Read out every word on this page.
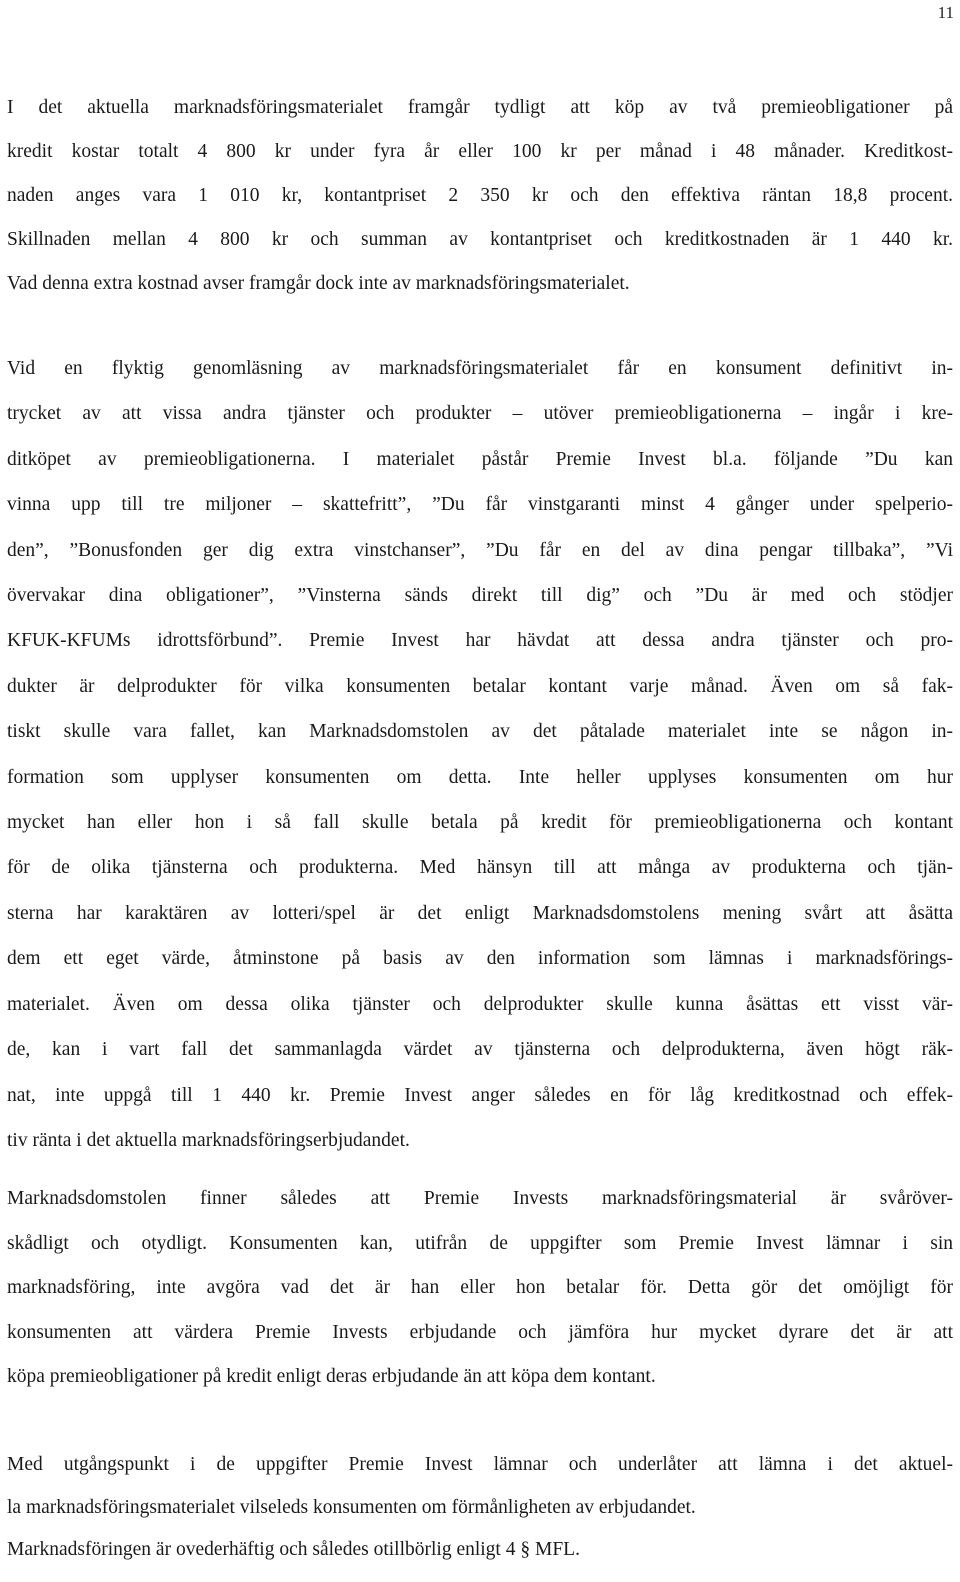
11
I det aktuella marknadsföringsmaterialet framgår tydligt att köp av två premieobligationer på
kredit kostar totalt 4 800 kr under fyra år eller 100 kr per månad i 48 månader. Kreditkost-
naden anges vara 1 010 kr, kontantpriset 2 350 kr och den effektiva räntan 18,8 procent.
Skillnaden mellan 4 800 kr och summan av kontantpriset och kreditkostnaden är 1 440 kr.
Vad denna extra kostnad avser framgår dock inte av marknadsföringsmaterialet.
Vid en flyktig genomläsning av marknadsföringsmaterialet får en konsument definitivt in-
trycket av att vissa andra tjänster och produkter – utöver premieobligationerna – ingår i kre-
ditköpet av premieobligationerna. I materialet påstår Premie Invest bl.a. följande ”Du kan
vinna upp till tre miljoner – skattefritt”, ”Du får vinstgaranti minst 4 gånger under spelperio-
den”, ”Bonusfonden ger dig extra vinstchanser”, ”Du får en del av dina pengar tillbaka”, ”Vi
övervakar dina obligationer”, ”Vinsterna sänds direkt till dig” och ”Du är med och stödjer
KFUK-KFUMs idrottsförbund”. Premie Invest har hävdat att dessa andra tjänster och pro-
dukter är delprodukter för vilka konsumenten betalar kontant varje månad. Även om så fak-
tiskt skulle vara fallet, kan Marknadsdomstolen av det påtalade materialet inte se någon in-
formation som upplyser konsumenten om detta. Inte heller upplyses konsumenten om hur
mycket han eller hon i så fall skulle betala på kredit för premieobligationerna och kontant
för de olika tjänsterna och produkterna. Med hänsyn till att många av produkterna och tjän-
sterna har karaktären av lotteri/spel är det enligt Marknadsdomstolens mening svårt att åsätta
dem ett eget värde, åtminstone på basis av den information som lämnas i marknadsförings-
materialet. Även om dessa olika tjänster och delprodukter skulle kunna åsättas ett visst vär-
de, kan i vart fall det sammanlagda värdet av tjänsterna och delprodukterna, även högt räk-
nat, inte uppgå till 1 440 kr. Premie Invest anger således en för låg kreditkostnad och effek-
tiv ränta i det aktuella marknadsföringserbjudandet.
Marknadsdomstolen finner således att Premie Invests marknadsföringsmaterial är svåröver-
skådligt och otydligt. Konsumenten kan, utifrån de uppgifter som Premie Invest lämnar i sin
marknadsföring, inte avgöra vad det är han eller hon betalar för. Detta gör det omöjligt för
konsumenten att värdera Premie Invests erbjudande och jämföra hur mycket dyrare det är att
köpa premieobligationer på kredit enligt deras erbjudande än att köpa dem kontant.
Med utgångspunkt i de uppgifter Premie Invest lämnar och underlåter att lämna i det aktuel-
la marknadsföringsmaterialet vilseleds konsumenten om förmånligheten av erbjudandet.
Marknadsföringen är ovederhäftig och således otillbörlig enligt 4 § MFL.
